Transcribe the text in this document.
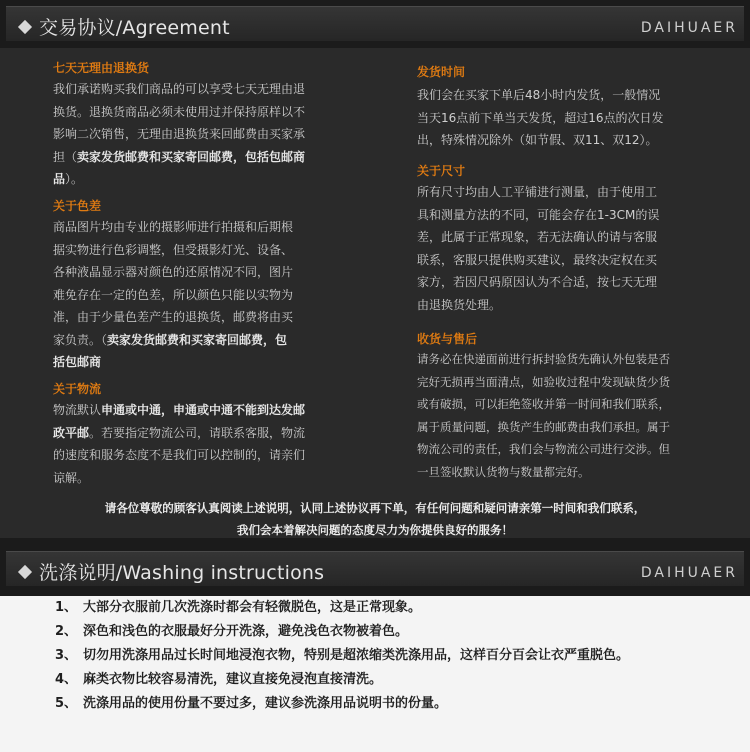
交易协议/Agreement	DAIHUAER

七天无理由退换货

我们承诺购买我们商品的可以享受七天无理由退
换货。退换货商品必须未使用过并保持原样以不
影响二次销售，无理由退换货来回邮费由买家承
担（卖家发货邮费和买家寄回邮费，包括包邮商
品）。

关于色差

商品图片均由专业的摄影师进行拍摄和后期根
据实物进行色彩调整，但受摄影灯光、设备、
各种液晶显示器对颜色的还原情况不同，图片
难免存在一定的色差，所以颜色只能以实物为
准，由于少量色差产生的退换货，邮费将由买
家负责。（卖家发货邮费和买家寄回邮费，包
括包邮商

关于物流

物流默认申通或中通，申通或中通不能到达发邮
政平邮。若要指定物流公司，请联系客服，物流
的速度和服务态度不是我们可以控制的，请亲们
谅解。

发货时间

我们会在买家下单后48小时内发货，一般情况
当天16点前下单当天发货，超过16点的次日发
出，特殊情况除外（如节假、双11、双12）。

关于尺寸

所有尺寸均由人工平铺进行测量，由于使用工
具和测量方法的不同，可能会存在1-3CM的误
差，此属于正常现象，若无法确认的请与客服
联系，客服只提供购买建议，最终决定权在买
家方，若因尺码原因认为不合适，按七天无理
由退换货处理。

收货与售后

请务必在快递面前进行拆封验货先确认外包装是否
完好无损再当面清点，如验收过程中发现缺货少货
或有破损，可以拒绝签收并第一时间和我们联系，
属于质量问题，换货产生的邮费由我们承担。属于
物流公司的责任，我们会与物流公司进行交涉。但
一旦签收默认货物与数量都完好。

请各位尊敬的顾客认真阅读上述说明，认同上述协议再下单，有任何问题和疑问请亲第一时间和我们联系，
我们会本着解决问题的态度尽力为你提供良好的服务！
洗涤说明/Washing instructions	DAIHUAER
1、 大部分衣服前几次洗涤时都会有轻微脱色，这是正常现象。
2、 深色和浅色的衣服最好分开洗涤，避免浅色衣物被着色。
3、 切勿用洗涤用品过长时间地浸泡衣物，特别是超浓缩类洗涤用品，这样百分百会让衣严重脱色。
4、 麻类衣物比较容易清洗，建议直接免浸泡直接清洗。
5、 洗涤用品的使用份量不要过多，建议参洗涤用品说明书的份量。
